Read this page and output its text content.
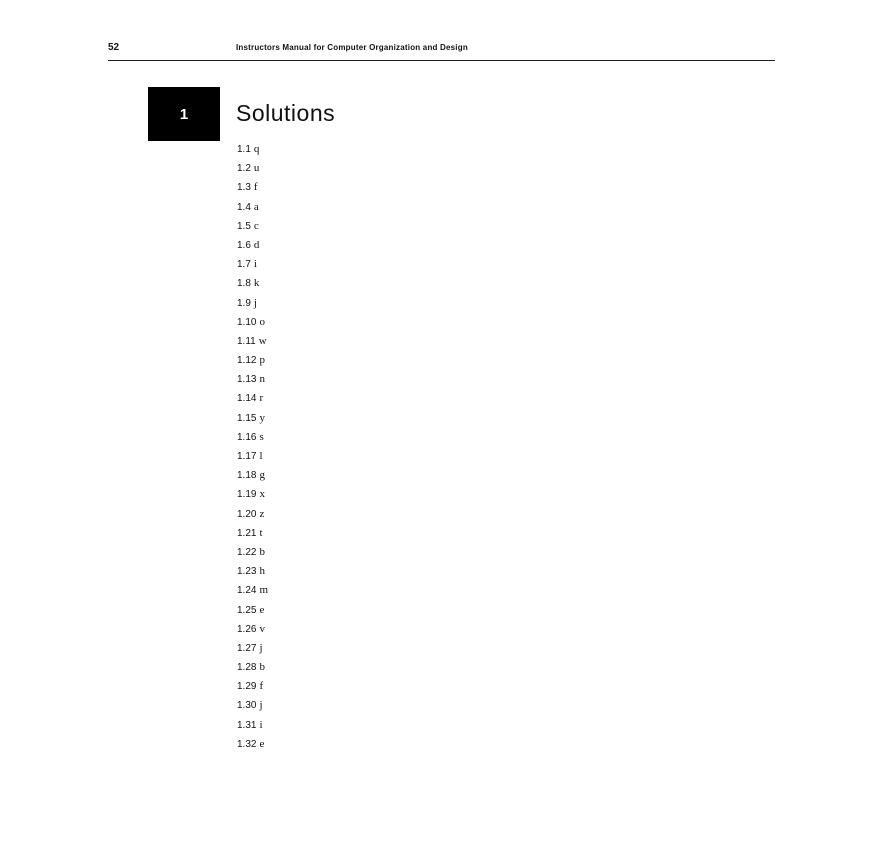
52	Instructors Manual for Computer Organization and Design
1 Solutions
1.1 q
1.2 u
1.3 f
1.4 a
1.5 c
1.6 d
1.7 i
1.8 k
1.9 j
1.10 o
1.11 w
1.12 p
1.13 n
1.14 r
1.15 y
1.16 s
1.17 l
1.18 g
1.19 x
1.20 z
1.21 t
1.22 b
1.23 h
1.24 m
1.25 e
1.26 v
1.27 j
1.28 b
1.29 f
1.30 j
1.31 i
1.32 e
